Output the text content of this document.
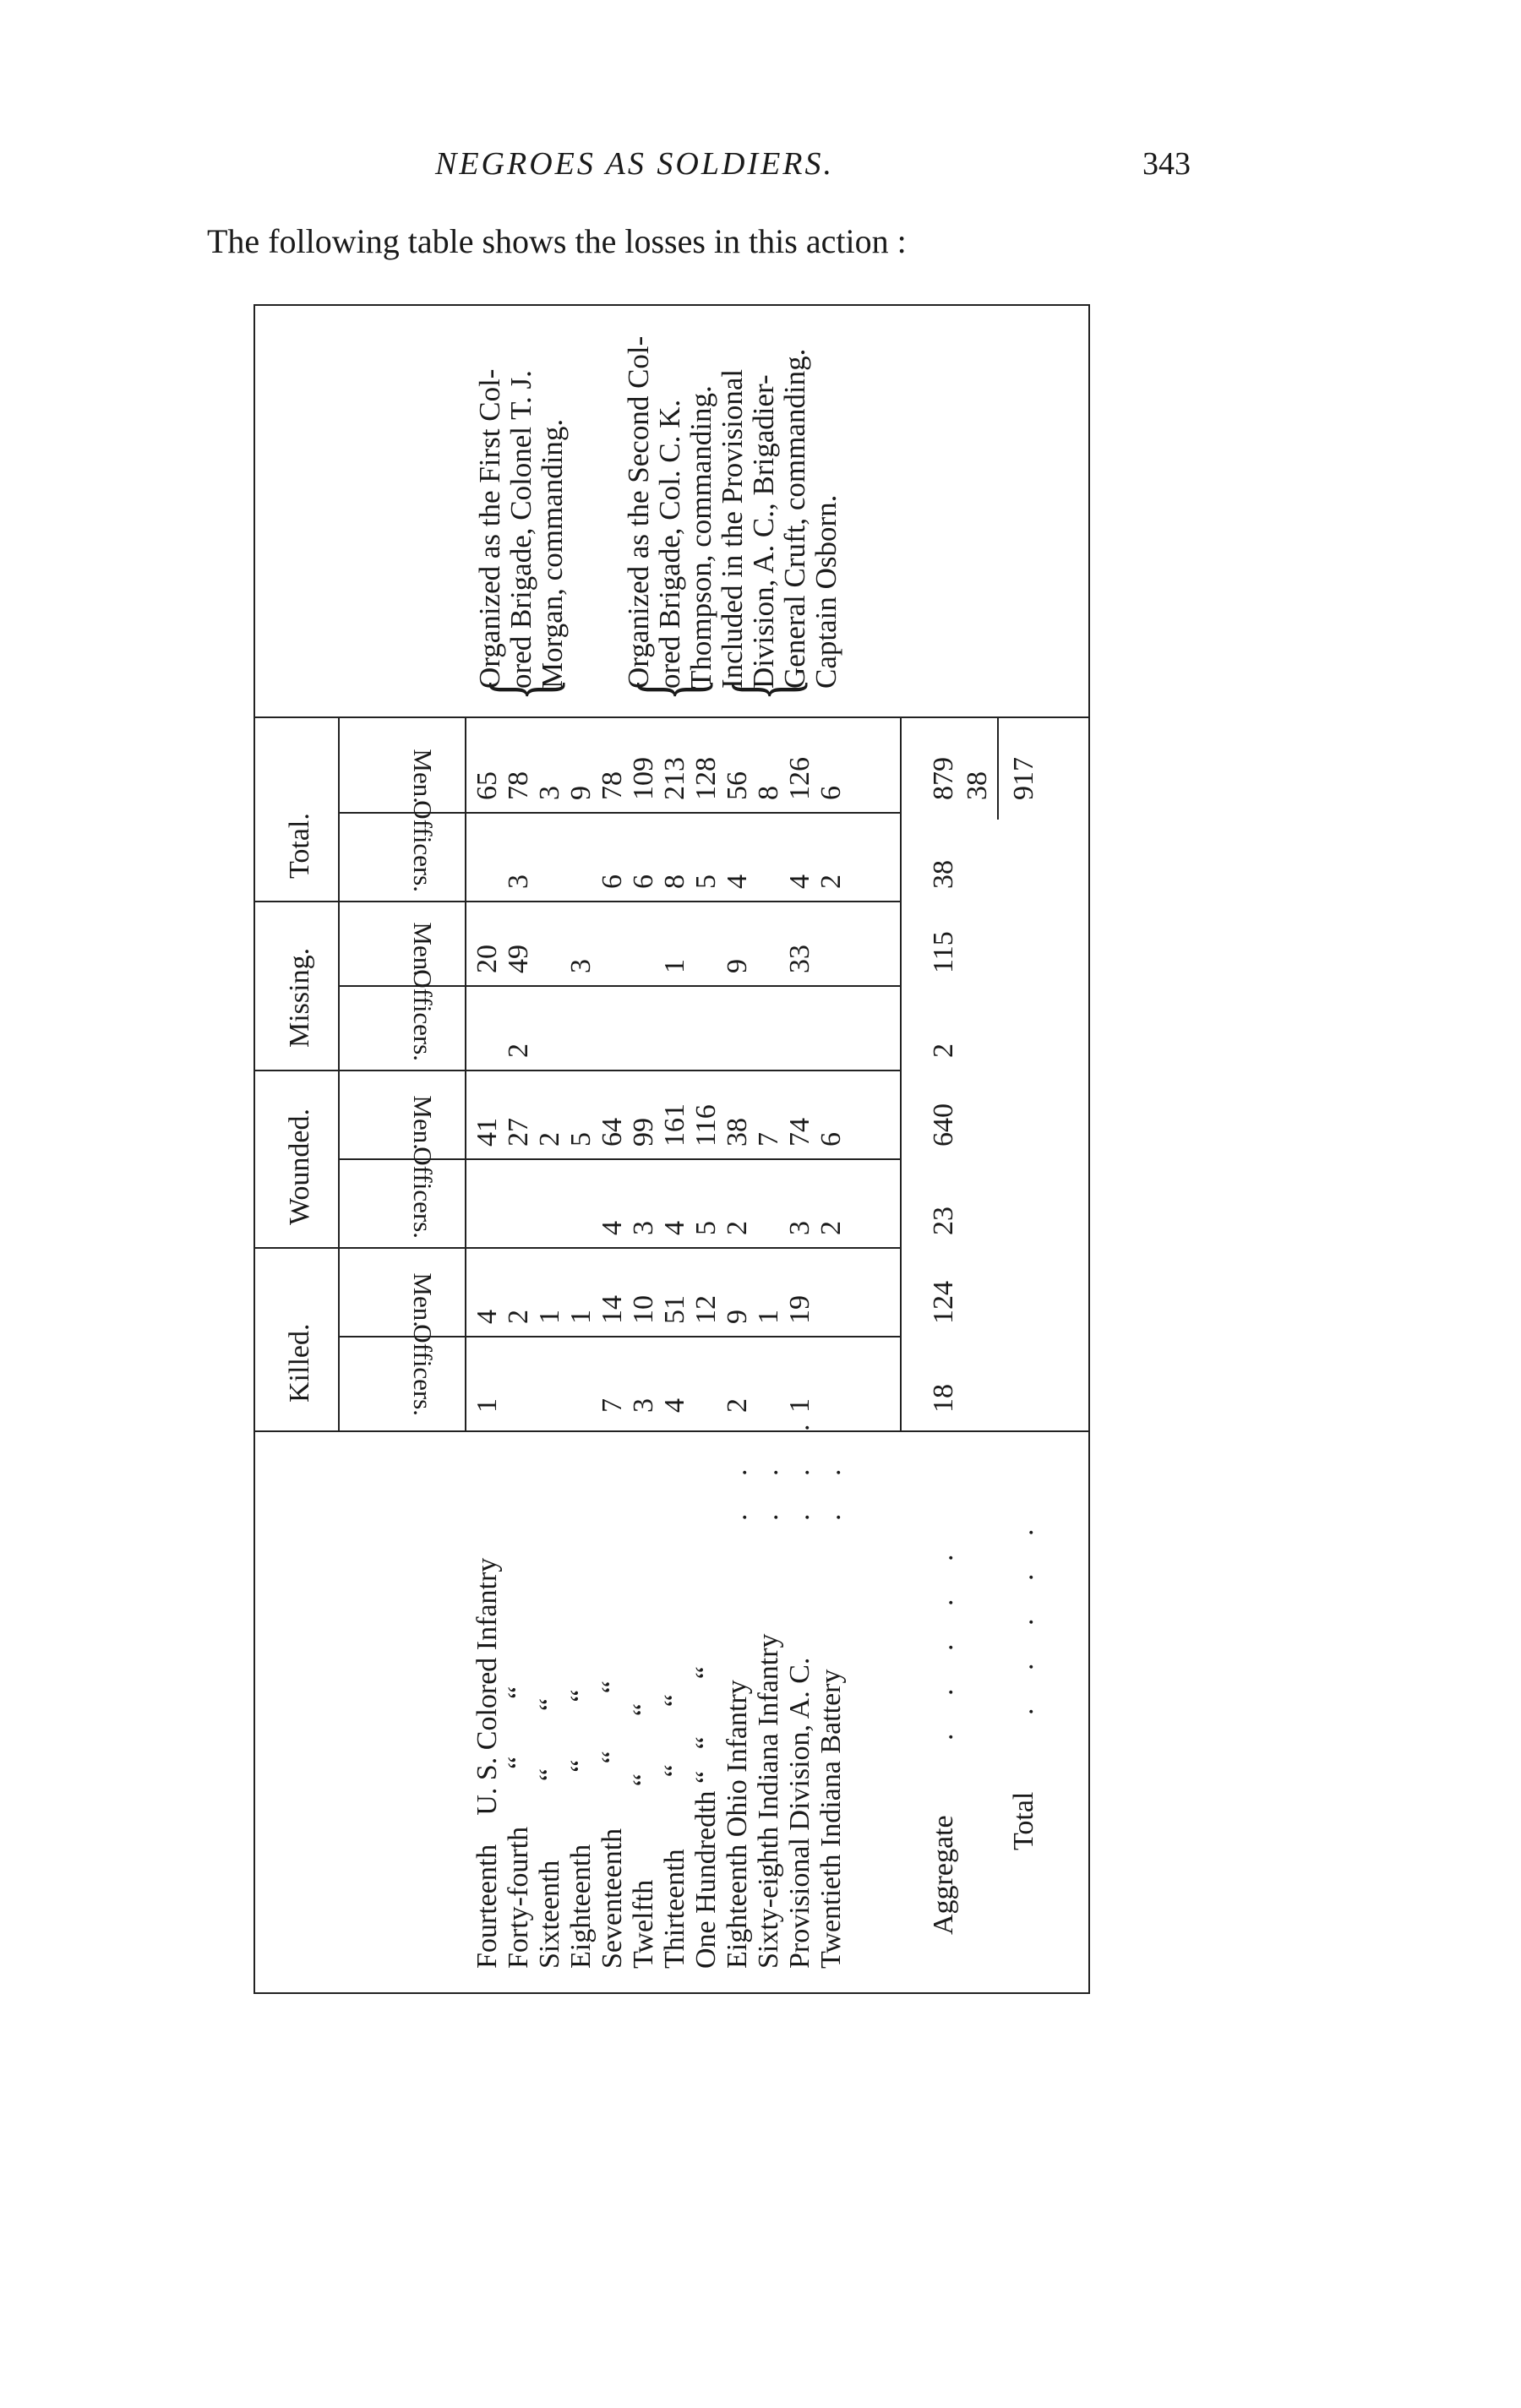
NEGROES AS SOLDIERS.	343
The following table shows the losses in this action :
Killed.
Wounded.
Missing.
Total.
Officers.
Men.
Officers.
Men.
Officers.
Men.
Officers.
Men.
Fourteenth    U. S. Colored Infantry
1
4
41
20
65
Forty-fourth        “        “
2
27
2
49
3
78
Sixteenth           “        “
1
2
3
Eighteenth          “        “
1
5
3
9
Seventeenth         “        “
7
14
4
64
6
78
Twelfth             “        “
3
10
3
99
6
109
Thirteenth          “        “
4
51
4
161
1
8
213
One Hundredth “   “        “
12
5
116
5
128
Eighteenth Ohio Infantry
. .
2
9
2
38
9
4
56
Sixty-eighth Indiana Infantry
. .
1
7
8
Provisional Division, A. C.
. . .
1
19
3
74
33
4
126
Twentieth Indiana Battery
. .
2
6
2
6
Aggregate
. . . . .
18
124
23
640
2
115
38
879 38
Total
. . . . .
917
Organized as the First Col-
ored Brigade, Colonel T. J.
Morgan, commanding. Organized as the Second Col-
ored Brigade, Col. C. K.
Thompson, commanding.
Included in the Provisional
Division, A. C., Brigadier-
General Cruft, commanding.
Captain Osborn.
{ {
{
